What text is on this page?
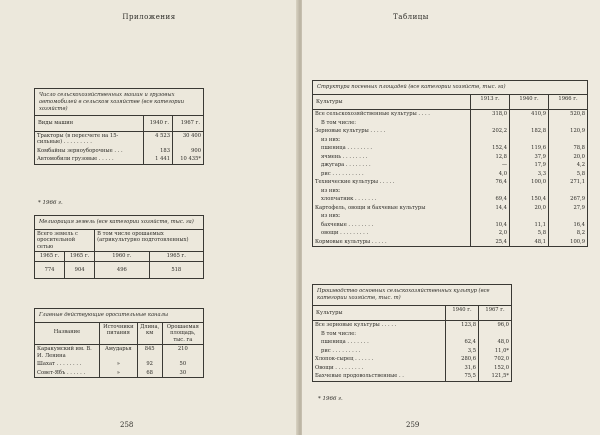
Приложения
Число сельскохозяйственных машин и грузовых автомобилей в сельском хозяйстве (все категории хозяйств)		
Виды машин	1940 г.	1967 г.
Тракторы (в пересчете на 15-сильные) . . . . . . . . .	4 523	30 400
Комбайны зерноуборочные . . .	183	900
Автомобили грузовые . . . . .	1 441	10 435*
* 1966 г.
Мелиорация земель (все категории хозяйств, тыс. га)			
Всего земель с оросительной сетью		В том числе орошаемых (агрикультурно подготовленных)	
1965 г.	1965 г.	1960 г.	1965 г.
774	904	496	518
Главные действующие оросительные каналы			
Название	Источники питания	Длина, км	Орошаемая площадь, тыс. га
Каракумский им. В. И. Ленина	Амударья	845	210
Шахат . . . . . . . .	»	92	50
Совет-Ябъ . . . . . .	»	68	30
258
Таблицы
Структура посевных площадей (все категории хозяйств, тыс. га)			
Культуры	1913 г.	1940 г.	1966 г.
Все сельскохозяйственные культуры . . . .	318,0	410,9	520,8
В том числе:			
Зерновые культуры . . . . .	202,2	182,8	120,9
из них:			
пшеница . . . . . . . .	152,4	119,6	78,8
ячмень . . . . . . . .	12,8	37,9	20,0
джугара . . . . . . . .	—	17,9	4,2
рис . . . . . . . . . .	4,0	3,3	5,8
Технические культуры . . . . .	76,4	100,0	271,1
из них:			
хлопчатник . . . . . . .	69,4	150,4	267,9
Картофель, овощи и бахчевые культуры	14,4	20,0	27,9
из них:			
бахчевые . . . . . . . .	10,4	11,1	16,4
овощи . . . . . . . . .	2,0	5,8	8,2
Кормовые культуры . . . . .	25,4	48,1	100,9
Производство основных сельскохозяйственных культур (все категории хозяйств, тыс. т)		
Культуры	1940 г.	1967 г.
Все зерновые культуры . . . . .	123,8	96,0
В том числе:		
пшеница . . . . . . .	62,4	48,0
рис . . . . . . . . .	3,5	11,0*
Хлопок-сырец . . . . . .	280,6	702,0
Овощи . . . . . . . . .	31,6	152,0
Бахчевые продовольственные . .	75,5	121,5*
* 1966 г.
259
